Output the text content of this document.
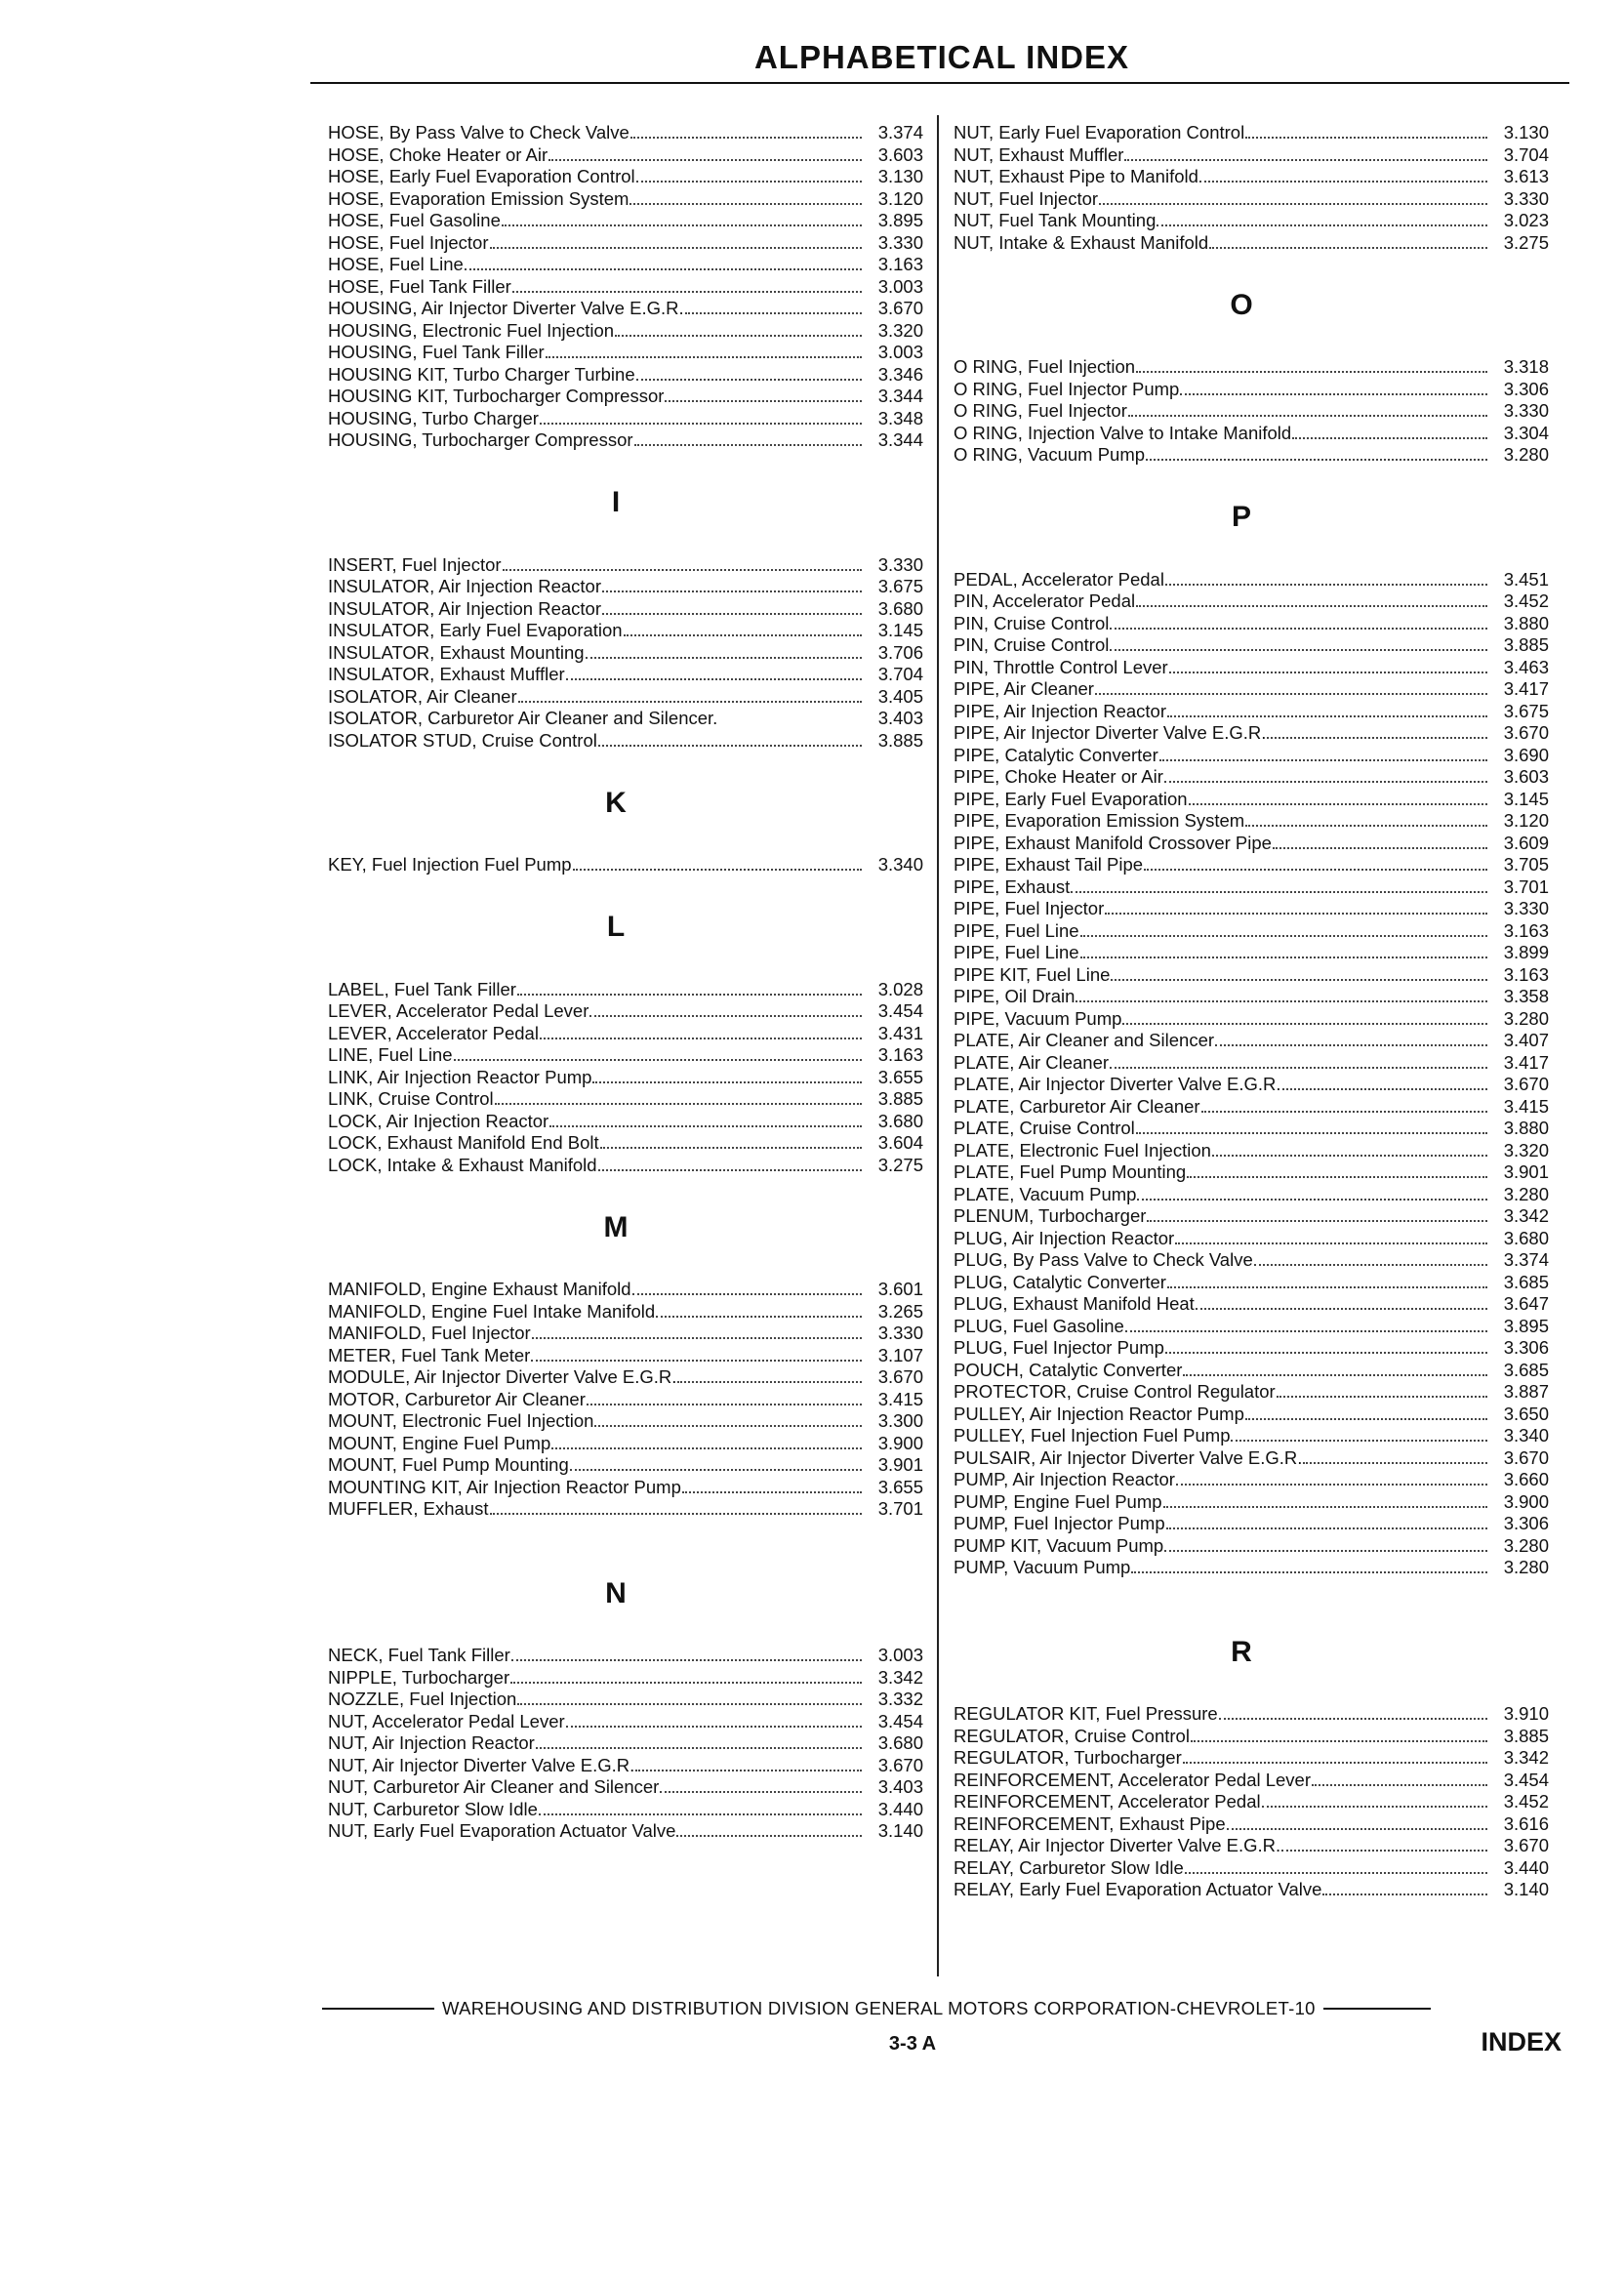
ALPHABETICAL INDEX
HOSE, By Pass Valve to Check Valve	3.374
HOSE, Choke Heater or Air	3.603
HOSE, Early Fuel Evaporation Control	3.130
HOSE, Evaporation Emission System	3.120
HOSE, Fuel Gasoline	3.895
HOSE, Fuel Injector	3.330
HOSE, Fuel Line	3.163
HOSE, Fuel Tank Filler	3.003
HOUSING, Air Injector Diverter Valve E.G.R.	3.670
HOUSING, Electronic Fuel Injection	3.320
HOUSING, Fuel Tank Filler	3.003
HOUSING KIT, Turbo Charger Turbine	3.346
HOUSING KIT, Turbocharger Compressor	3.344
HOUSING, Turbo Charger	3.348
HOUSING, Turbocharger Compressor	3.344
I
INSERT, Fuel Injector	3.330
INSULATOR, Air Injection Reactor	3.675
INSULATOR, Air Injection Reactor	3.680
INSULATOR, Early Fuel Evaporation	3.145
INSULATOR, Exhaust Mounting	3.706
INSULATOR, Exhaust Muffler	3.704
ISOLATOR, Air Cleaner	3.405
ISOLATOR, Carburetor Air Cleaner and Silencer.	3.403
ISOLATOR STUD, Cruise Control	3.885
K
KEY, Fuel Injection Fuel Pump	3.340
L
LABEL, Fuel Tank Filler	3.028
LEVER, Accelerator Pedal Lever	3.454
LEVER, Accelerator Pedal	3.431
LINE, Fuel Line	3.163
LINK, Air Injection Reactor Pump	3.655
LINK, Cruise Control	3.885
LOCK, Air Injection Reactor	3.680
LOCK, Exhaust Manifold End Bolt	3.604
LOCK, Intake & Exhaust Manifold	3.275
M
MANIFOLD, Engine Exhaust Manifold	3.601
MANIFOLD, Engine Fuel Intake Manifold	3.265
MANIFOLD, Fuel Injector	3.330
METER, Fuel Tank Meter	3.107
MODULE, Air Injector Diverter Valve E.G.R.	3.670
MOTOR, Carburetor Air Cleaner	3.415
MOUNT, Electronic Fuel Injection	3.300
MOUNT, Engine Fuel Pump	3.900
MOUNT, Fuel Pump Mounting	3.901
MOUNTING KIT, Air Injection Reactor Pump	3.655
MUFFLER, Exhaust	3.701
N
NECK, Fuel Tank Filler	3.003
NIPPLE, Turbocharger	3.342
NOZZLE, Fuel Injection	3.332
NUT, Accelerator Pedal Lever	3.454
NUT, Air Injection Reactor	3.680
NUT, Air Injector Diverter Valve E.G.R.	3.670
NUT, Carburetor Air Cleaner and Silencer	3.403
NUT, Carburetor Slow Idle	3.440
NUT, Early Fuel Evaporation Actuator Valve	3.140
NUT, Early Fuel Evaporation Control	3.130
NUT, Exhaust Muffler	3.704
NUT, Exhaust Pipe to Manifold	3.613
NUT, Fuel Injector	3.330
NUT, Fuel Tank Mounting	3.023
NUT, Intake & Exhaust Manifold	3.275
O
O RING, Fuel Injection	3.318
O RING, Fuel Injector Pump	3.306
O RING, Fuel Injector	3.330
O RING, Injection Valve to Intake Manifold	3.304
O RING, Vacuum Pump	3.280
P
PEDAL, Accelerator Pedal	3.451
PIN, Accelerator Pedal	3.452
PIN, Cruise Control	3.880
PIN, Cruise Control	3.885
PIN, Throttle Control Lever	3.463
PIPE, Air Cleaner	3.417
PIPE, Air Injection Reactor	3.675
PIPE, Air Injector Diverter Valve E.G.R.	3.670
PIPE, Catalytic Converter	3.690
PIPE, Choke Heater or Air	3.603
PIPE, Early Fuel Evaporation	3.145
PIPE, Evaporation Emission System	3.120
PIPE, Exhaust Manifold Crossover Pipe	3.609
PIPE, Exhaust Tail Pipe	3.705
PIPE, Exhaust	3.701
PIPE, Fuel Injector	3.330
PIPE, Fuel Line	3.163
PIPE, Fuel Line	3.899
PIPE KIT, Fuel Line	3.163
PIPE, Oil Drain	3.358
PIPE, Vacuum Pump	3.280
PLATE, Air Cleaner and Silencer	3.407
PLATE, Air Cleaner	3.417
PLATE, Air Injector Diverter Valve E.G.R.	3.670
PLATE, Carburetor Air Cleaner	3.415
PLATE, Cruise Control	3.880
PLATE, Electronic Fuel Injection	3.320
PLATE, Fuel Pump Mounting	3.901
PLATE, Vacuum Pump	3.280
PLENUM, Turbocharger	3.342
PLUG, Air Injection Reactor	3.680
PLUG, By Pass Valve to Check Valve	3.374
PLUG, Catalytic Converter	3.685
PLUG, Exhaust Manifold Heat	3.647
PLUG, Fuel Gasoline	3.895
PLUG, Fuel Injector Pump	3.306
POUCH, Catalytic Converter	3.685
PROTECTOR, Cruise Control Regulator	3.887
PULLEY, Air Injection Reactor Pump	3.650
PULLEY, Fuel Injection Fuel Pump	3.340
PULSAIR, Air Injector Diverter Valve E.G.R.	3.670
PUMP, Air Injection Reactor	3.660
PUMP, Engine Fuel Pump	3.900
PUMP, Fuel Injector Pump	3.306
PUMP KIT, Vacuum Pump	3.280
PUMP, Vacuum Pump	3.280
R
REGULATOR KIT, Fuel Pressure	3.910
REGULATOR, Cruise Control	3.885
REGULATOR, Turbocharger	3.342
REINFORCEMENT, Accelerator Pedal Lever	3.454
REINFORCEMENT, Accelerator Pedal	3.452
REINFORCEMENT, Exhaust Pipe	3.616
RELAY, Air Injector Diverter Valve E.G.R.	3.670
RELAY, Carburetor Slow Idle	3.440
RELAY, Early Fuel Evaporation Actuator Valve	3.140
WAREHOUSING AND DISTRIBUTION DIVISION GENERAL MOTORS CORPORATION-CHEVROLET-10
3-3 A	INDEX
